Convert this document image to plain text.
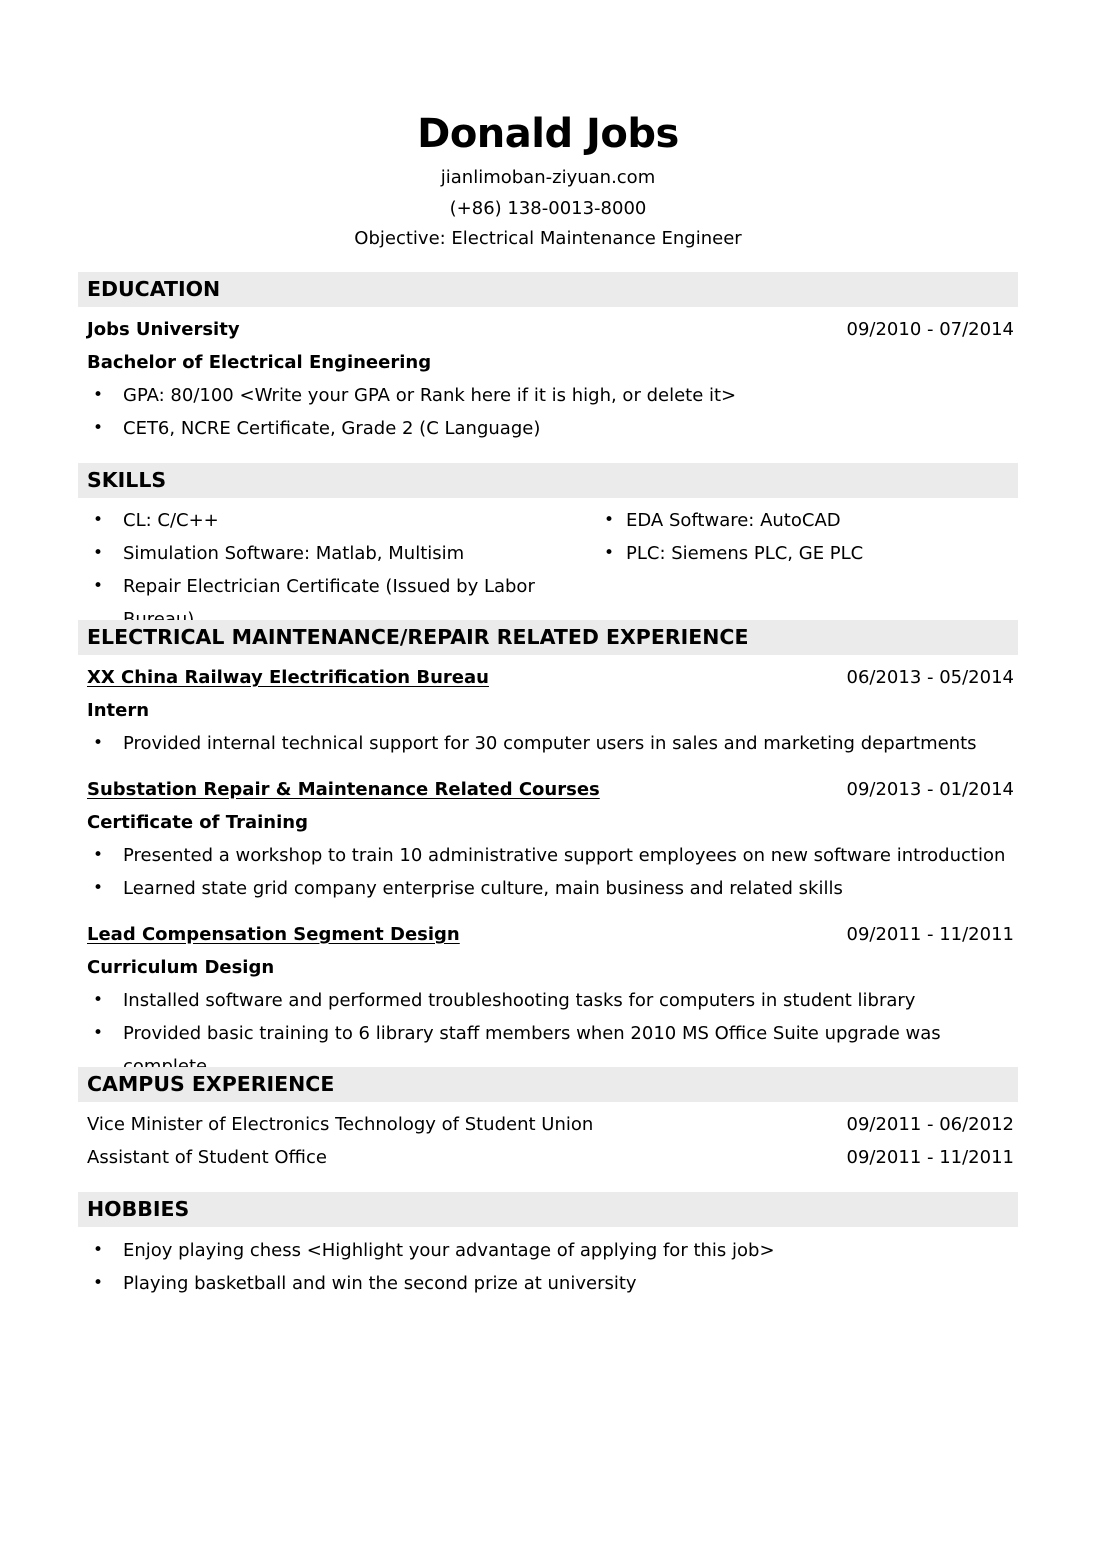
Donald Jobs
jianlimoban-ziyuan.com
(+86) 138-0013-8000
Objective: Electrical Maintenance Engineer
EDUCATION
Jobs University	09/2010 - 07/2014
Bachelor of Electrical Engineering
• GPA: 80/100 <Write your GPA or Rank here if it is high, or delete it>
• CET6, NCRE Certificate, Grade 2 (C Language)
SKILLS
• CL: C/C++
• Simulation Software: Matlab, Multisim
• Repair Electrician Certificate (Issued by Labor
• EDA Software: AutoCAD
• PLC: Siemens PLC, GE PLC
ELECTRICAL MAINTENANCE/REPAIR RELATED EXPERIENCE
XX China Railway Electrification Bureau	06/2013 - 05/2014
Intern
• Provided internal technical support for 30 computer users in sales and marketing departments
Substation Repair & Maintenance Related Courses	09/2013 - 01/2014
Certificate of Training
• Presented a workshop to train 10 administrative support employees on new software introduction
• Learned state grid company enterprise culture, main business and related skills
Lead Compensation Segment Design	09/2011 - 11/2011
Curriculum Design
• Installed software and performed troubleshooting tasks for computers in student library
• Provided basic training to 6 library staff members when 2010 MS Office Suite upgrade was
CAMPUS EXPERIENCE
Vice Minister of Electronics Technology of Student Union	09/2011 - 06/2012
Assistant of Student Office	09/2011 - 11/2011
HOBBIES
• Enjoy playing chess <Highlight your advantage of applying for this job>
• Playing basketball and win the second prize at university
